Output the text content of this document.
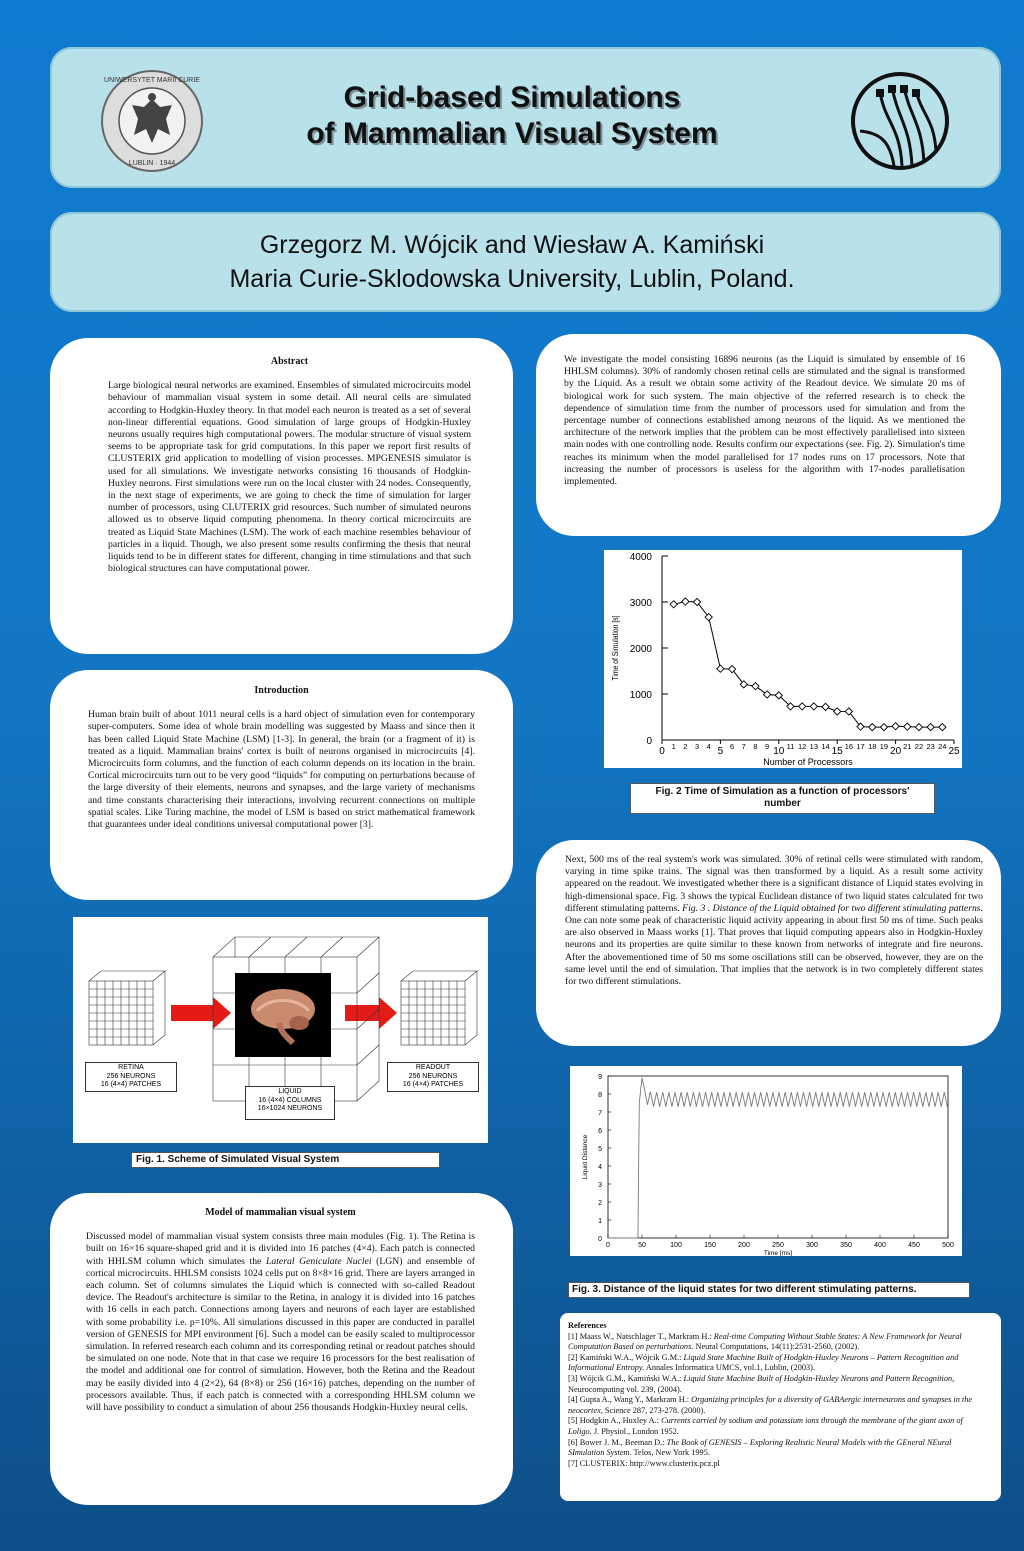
UNIWERSYTET MARII CURIE
LUBLIN · 1944
Grid-based Simulations
of Mammalian Visual System
Grzegorz M. Wójcik and Wiesław A. Kamiński
Maria Curie-Sklodowska University, Lublin, Poland.
Abstract
Large biological neural networks are examined. Ensembles of simulated microcircuits model behaviour of mammalian visual system in some detail. All neural cells are simulated according to Hodgkin-Huxley theory. In that model each neuron is treated as a set of several non-linear differential equations. Good simulation of large groups of Hodgkin-Huxley neurons usually requires high computational powers. The modular structure of visual system seems to be appropriate task for grid computations. In this paper we report first results of CLUSTERIX grid application to modelling of vision processes. MPGENESIS simulator is used for all simulations. We investigate networks consisting 16 thousands of Hodgkin-Huxley neurons. First simulations were run on the local cluster with 24 nodes. Consequently, in the next stage of experiments, we are going to check the time of simulation for larger number of processors, using CLUTERIX grid resources. Such number of simulated neurons allowed us to observe liquid computing phenomena. In theory cortical microcircuits are treated as Liquid State Machines (LSM). The work of each machine resembles behaviour of particles in a liquid. Though, we also present some results confirming the thesis that neural liquids tend to be in different states for different, changing in time stimulations and that such biological structures can have computational power.
Introduction
Human brain built of about 1011 neural cells is a hard object of simulation even for contemporary super-computers. Some idea of whole brain modelling was suggested by Maass and since then it has been called Liquid State Machine (LSM) [1-3]. In general, the brain (or a fragment of it) is treated as a liquid. Mammalian brains' cortex is built of neurons organised in microcircuits [4]. Microcircuits form columns, and the function of each column depends on its location in the brain. Cortical microcircuits turn out to be very good “liquids” for computing on perturbations because of the large diversity of their elements, neurons and synapses, and the large variety of mechanisms and time constants characterising their interactions, involving recurrent connections on multiple spatial scales. Like Turing machine, the model of LSM is based on strict mathematical framework that guarantees under ideal conditions universal computational power [3].
RETINA
256 NEURONS
16 (4×4) PATCHES
READOUT
256 NEURONS
16 (4×4) PATCHES
LIQUID
16 (4×4) COLUMNS
16×1024 NEURONS
Fig. 1. Scheme of Simulated Visual System
Model of mammalian visual system
Discussed model of mammalian visual system consists three main modules (Fig. 1). The Retina is built on 16×16 square-shaped grid and it is divided into 16 patches (4×4). Each patch is connected with HHLSM column which simulates the Lateral Geniculate Nuclei (LGN) and ensemble of cortical microcircuits. HHLSM consists 1024 cells put on 8×8×16 grid. There are layers arranged in each column. Set of columns simulates the Liquid which is connected with so-called Readout device. The Readout's architecture is similar to the Retina, in analogy it is divided into 16 patches with 16 cells in each patch. Connections among layers and neurons of each layer are established with some probability i.e. p=10%. All simulations discussed in this paper are conducted in parallel version of GENESIS for MPI environment [6]. Such a model can be easily scaled to multiprocessor simulation. In referred research each column and its corresponding retinal or readout patches should be simulated on one node. Note that in that case we require 16 processors for the best realisation of the model and additional one for control of simulation. However, both the Retina and the Readout may be easily divided into 4 (2×2), 64 (8×8) or 256 (16×16) patches, depending on the number of processors available. Thus, if each patch is connected with a corresponding HHLSM column we will have possibility to conduct a simulation of about 256 thousands Hodgkin-Huxley neural cells.
We investigate the model consisting 16896 neurons (as the Liquid is simulated by ensemble of 16 HHLSM columns). 30% of randomly chosen retinal cells are stimulated and the signal is transformed by the Liquid. As a result we obtain some activity of the Readout device. We simulate 20 ms of biological work for such system. The main objective of the referred research is to check the dependence of simulation time from the number of processors used for simulation and from the percentage number of connections established among neurons of the liquid. As we mentioned the architecture of the network implies that the problem can be most effectively parallelised into sixteen main nodes with one controlling node. Results confirm our expectations (see. Fig. 2). Simulation's time reaches its minimum when the model parallelised for 17 nodes runs on 17 processors. Note that increasing the number of processors is useless for the algorithm with 17-nodes parallelisation implemented.
0
1000
2000
3000
4000
0	5	10	15	20	25
1 2 3 4	6 7 8 9 11 12 13 14 16 17 18 19 21 22 23 24
Number of Processors
Time of Simulation [s]
Fig. 2 Time of Simulation as a function of processors' number
Next, 500 ms of the real system's work was simulated. 30% of retinal cells were stimulated with random, varying in time spike trains. The signal was then transformed by a liquid. As a result some activity appeared on the readout. We investigated whether there is a significant distance of Liquid states evolving in high-dimensional space. Fig. 3 shows the typical Euclidean distance of two liquid states calculated for two different stimulating patterns. Fig. 3 . Distance of the Liquid obtained for two different stimulating patterns. One can note some peak of characteristic liquid activity appearing in about first 50 ms of time. Such peaks are also observed in Maass works [1]. That proves that liquid computing appears also in Hodgkin-Huxley neurons and its properties are quite similar to these known from networks of integrate and fire neurons. After the abovementioned time of 50 ms some oscillations still can be observed, however, they are on the same level until the end of simulation. That implies that the network is in two completely different states for two different stimulations.
0
1
2
3
4
5
6
7
8
9
0	50	100	150	200	250	300	350	400	450	500
Time [ms]
Liquid Distance
Fig. 3. Distance of the liquid states for two different stimulating patterns.

References

[1] Maass W., Natschlager T., Markram H.: Real-time Computing Without Stable States: A New Framework for Neural Computation Based on perturbations. Neural Computations, 14(11):2531-2560, (2002).

[2] Kamiński W.A., Wójcik G.M.: Liquid State Machine Built of Hodgkin-Huxley Neurons – Pattern Recognition and Informational Entropy. Annales Informatica UMCS, vol.1, Lublin, (2003).

[3] Wójcik G.M., Kamiński W.A.: Liquid State Machine Built of Hodgkin-Huxley Neurons and Pattern Recognition, Neurocomputing vol. 239, (2004).

[4] Gupta A., Wang Y., Markram H.: Organizing principles for a diversity of GABAergic interneurons and synapses in the neocortex, Science 287, 273-278. (2000).

[5] Hodgkin A., Huxley A.: Currents carried by sodium and potassium ions through the membrane of the giant axon of Loligo. J. Physiol., London 1952.

[6] Bower J. M., Beeman D.: The Book of GENESIS – Exploring Realistic Neural Models with the GEneral NEural SImulation System. Telos, New York 1995.

[7] CLUSTERIX: http://www.clusterix.pcz.pl
